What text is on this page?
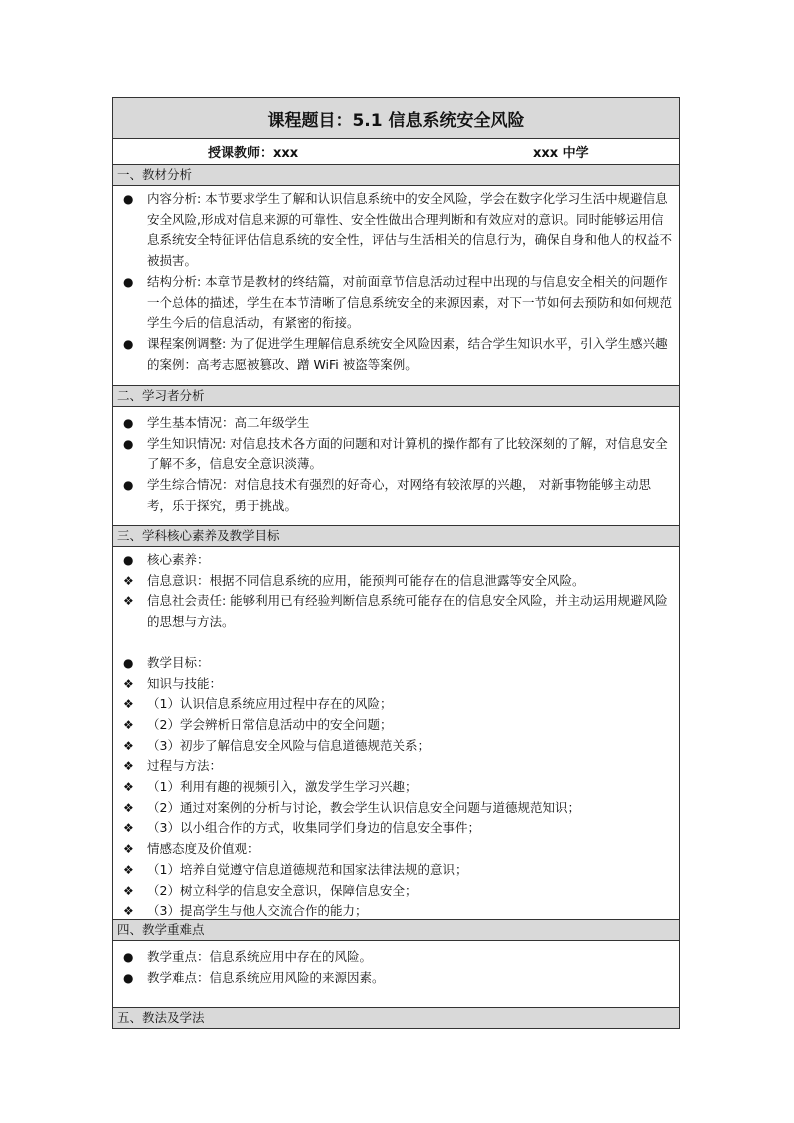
课程题目：5.1 信息系统安全风险
授课教师：xxx	xxx 中学
一、教材分析
●	内容分析: 本节要求学生了解和认识信息系统中的安全风险，学会在数字化学习生活中规避信息安全风险,形成对信息来源的可靠性、安全性做出合理判断和有效应对的意识。同时能够运用信息系统安全特征评估信息系统的安全性，评估与生活相关的信息行为，确保自身和他人的权益不被损害。
●	结构分析: 本章节是教材的终结篇，对前面章节信息活动过程中出现的与信息安全相关的问题作一个总体的描述，学生在本节清晰了信息系统安全的来源因素，对下一节如何去预防和如何规范学生今后的信息活动，有紧密的衔接。
●	课程案例调整: 为了促进学生理解信息系统安全风险因素，结合学生知识水平，引入学生感兴趣的案例：高考志愿被篡改、蹭 WiFi 被盗等案例。
二、学习者分析
●	学生基本情况：高二年级学生
●	学生知识情况: 对信息技术各方面的问题和对计算机的操作都有了比较深刻的了解，对信息安全了解不多，信息安全意识淡薄。
●	学生综合情况：对信息技术有强烈的好奇心，对网络有较浓厚的兴趣， 对新事物能够主动思考，乐于探究，勇于挑战。
三、学科核心素养及教学目标
●	核心素养：
❖	信息意识：根据不同信息系统的应用，能预判可能存在的信息泄露等安全风险。
❖	信息社会责任: 能够利用已有经验判断信息系统可能存在的信息安全风险，并主动运用规避风险的思想与方法。
●	教学目标：
❖	知识与技能：
❖	（1）认识信息系统应用过程中存在的风险；
❖	（2）学会辨析日常信息活动中的安全问题；
❖	（3）初步了解信息安全风险与信息道德规范关系；
❖	过程与方法：
❖	（1）利用有趣的视频引入，激发学生学习兴趣；
❖	（2）通过对案例的分析与讨论，教会学生认识信息安全问题与道德规范知识；
❖	（3）以小组合作的方式，收集同学们身边的信息安全事件；
❖	情感态度及价值观：
❖	（1）培养自觉遵守信息道德规范和国家法律法规的意识；
❖	（2）树立科学的信息安全意识，保障信息安全；
❖	（3）提高学生与他人交流合作的能力；
四、教学重难点
●	教学重点：信息系统应用中存在的风险。
●	教学难点：信息系统应用风险的来源因素。
五、教法及学法
